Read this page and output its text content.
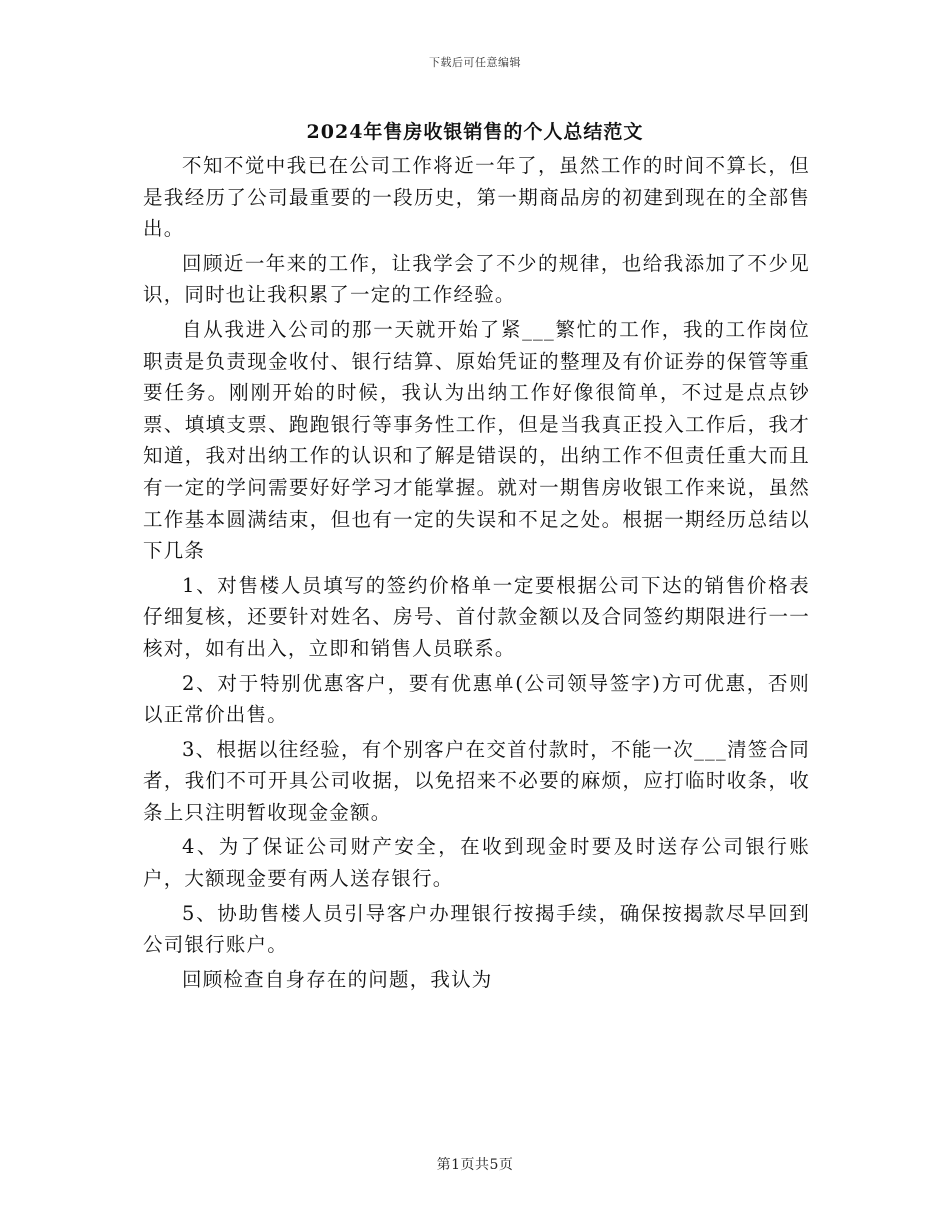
下载后可任意编辑
2024年售房收银销售的个人总结范文

不知不觉中我已在公司工作将近一年了，虽然工作的时间不算长，但是我经历了公司最重要的一段历史，第一期商品房的初建到现在的全部售出。

回顾近一年来的工作，让我学会了不少的规律，也给我添加了不少见识，同时也让我积累了一定的工作经验。

自从我进入公司的那一天就开始了紧___繁忙的工作，我的工作岗位职责是负责现金收付、银行结算、原始凭证的整理及有价证券的保管等重要任务。刚刚开始的时候，我认为出纳工作好像很简单，不过是点点钞票、填填支票、跑跑银行等事务性工作，但是当我真正投入工作后，我才知道，我对出纳工作的认识和了解是错误的，出纳工作不但责任重大而且有一定的学问需要好好学习才能掌握。就对一期售房收银工作来说，虽然工作基本圆满结束，但也有一定的失误和不足之处。根据一期经历总结以下几条

1、对售楼人员填写的签约价格单一定要根据公司下达的销售价格表仔细复核，还要针对姓名、房号、首付款金额以及合同签约期限进行一一核对，如有出入，立即和销售人员联系。

2、对于特别优惠客户，要有优惠单(公司领导签字)方可优惠，否则以正常价出售。

3、根据以往经验，有个别客户在交首付款时，不能一次___清签合同者，我们不可开具公司收据，以免招来不必要的麻烦，应打临时收条，收条上只注明暂收现金金额。

4、为了保证公司财产安全，在收到现金时要及时送存公司银行账户，大额现金要有两人送存银行。

5、协助售楼人员引导客户办理银行按揭手续，确保按揭款尽早回到公司银行账户。

回顾检查自身存在的问题，我认为

第1页共5页
